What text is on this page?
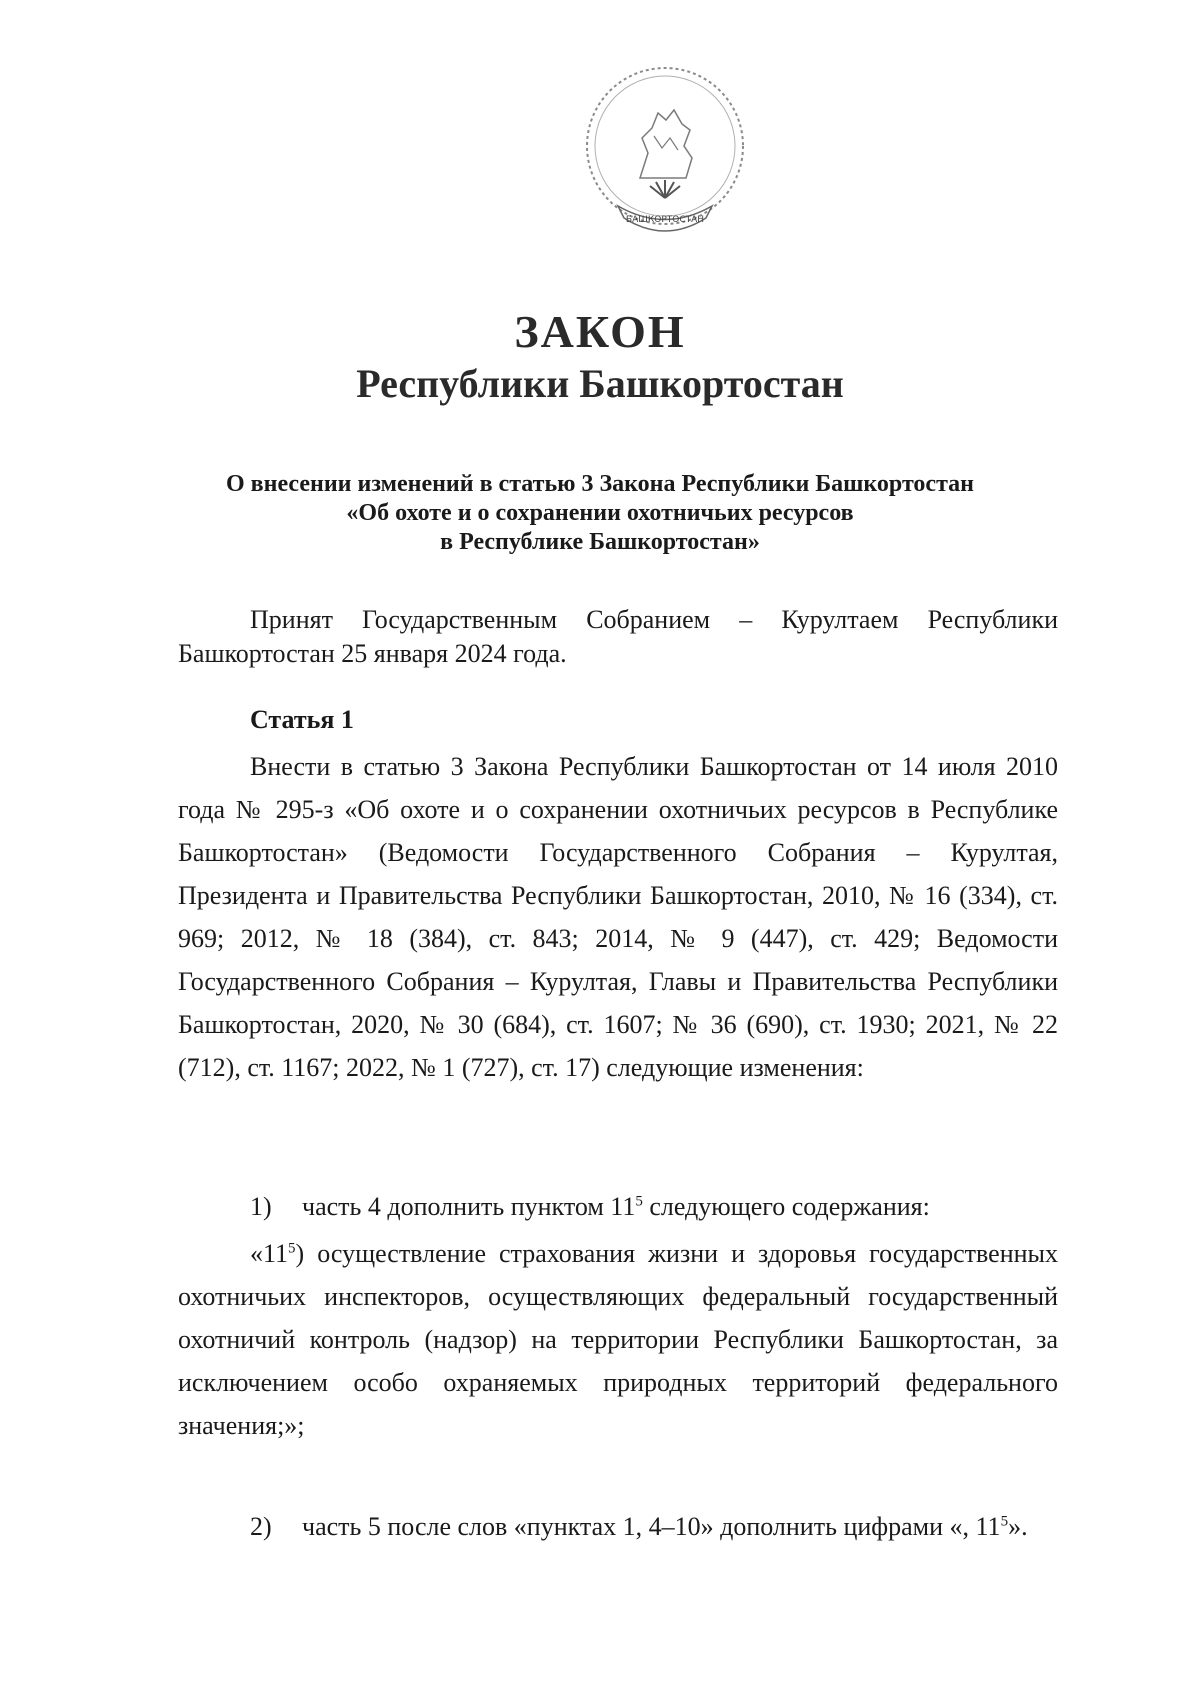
БАШКОРТОСТАН
ЗАКОН
Республики Башкортостан
О внесении изменений в статью 3 Закона Республики Башкортостан
«Об охоте и о сохранении охотничьих ресурсов
в Республике Башкортостан»

Принят Государственным Собранием – Курултаем Республики Башкортостан 25 января 2024 года.

Статья 1

Внести в статью 3 Закона Республики Башкортостан от 14 июля 2010 года № 295-з «Об охоте и о сохранении охотничьих ресурсов в Республике Башкортостан» (Ведомости Государственного Собрания – Курултая, Президента и Правительства Республики Башкортостан, 2010, № 16 (334), ст. 969; 2012, № 18 (384), ст. 843; 2014, № 9 (447), ст. 429; Ведомости Государственного Собрания – Курултая, Главы и Правительства Республики Башкортостан, 2020, № 30 (684), ст. 1607; № 36 (690), ст. 1930; 2021, № 22 (712), ст. 1167; 2022, № 1 (727), ст. 17) следующие изменения:

1) часть 4 дополнить пунктом $11^5$ следующего содержания:

«$11^5$) осуществление страхования жизни и здоровья государственных охотничьих инспекторов, осуществляющих федеральный государственный охотничий контроль (надзор) на территории Республики Башкортостан, за исключением особо охраняемых природных территорий федерального значения;»;

2) часть 5 после слов «пунктах 1, 4–10» дополнить цифрами «, $11^5$».
